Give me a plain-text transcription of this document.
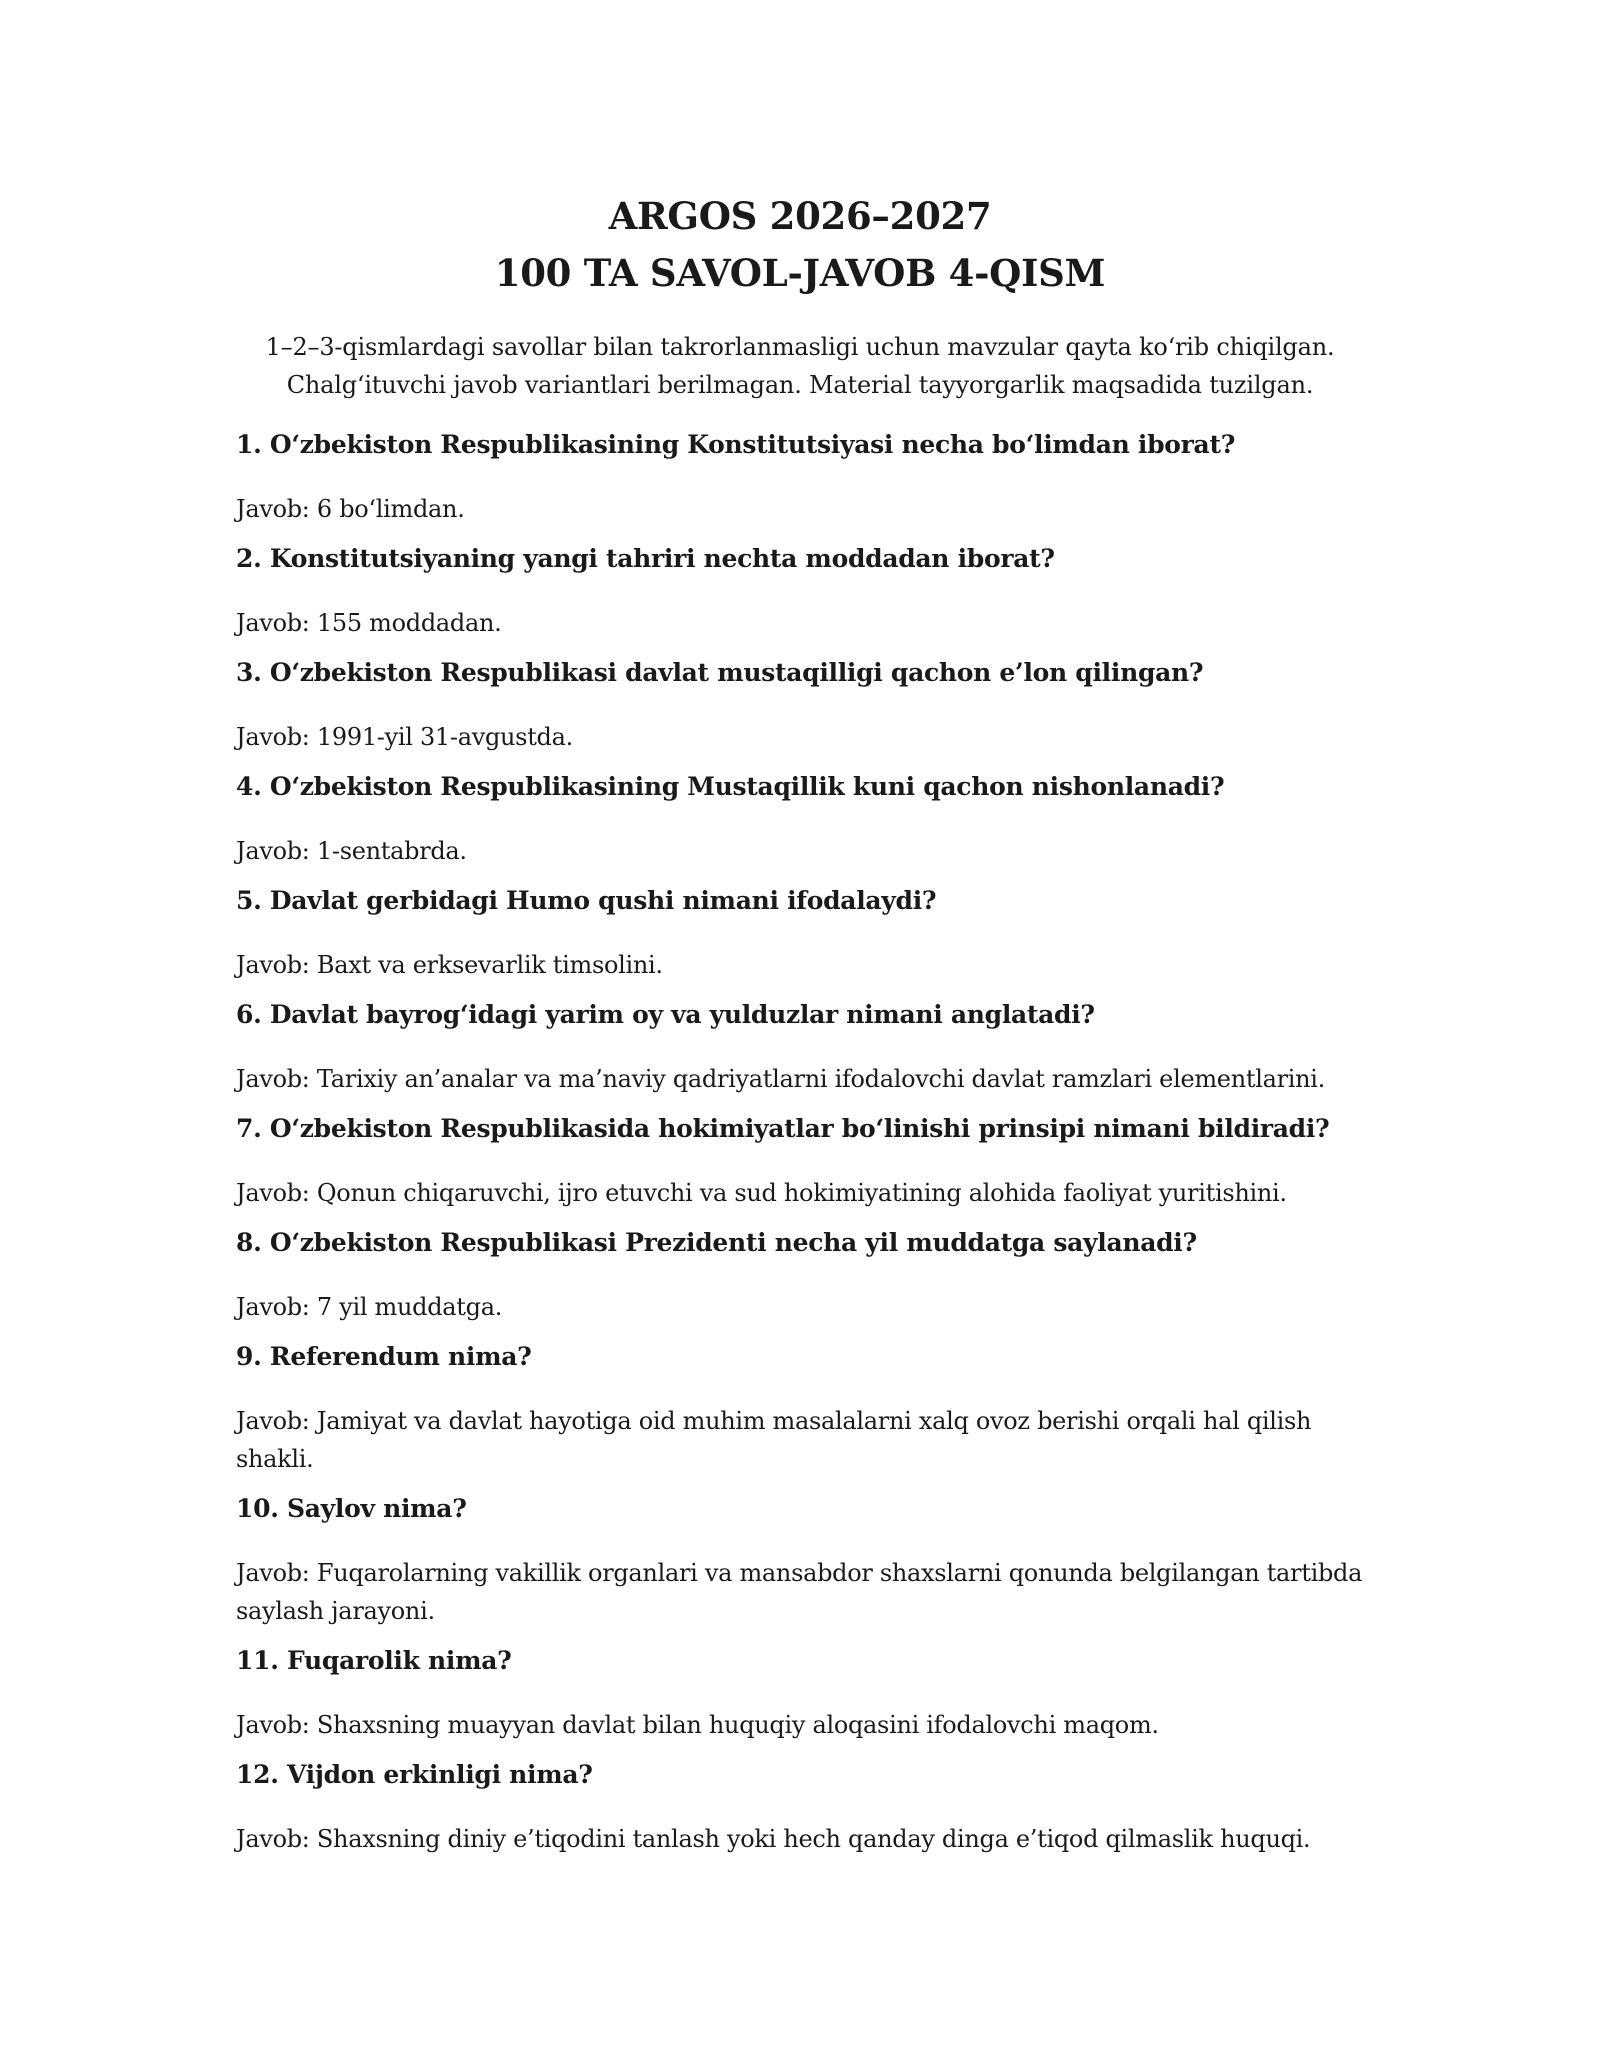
ARGOS 2026–2027
100 TA SAVOL-JAVOB 4-QISM
1–2–3-qismlardagi savollar bilan takrorlanmasligi uchun mavzular qayta koʻrib chiqilgan.
Chalgʻituvchi javob variantlari berilmagan. Material tayyorgarlik maqsadida tuzilgan.

1. Oʻzbekiston Respublikasining Konstitutsiyasi necha boʻlimdan iborat?

Javob: 6 boʻlimdan.

2. Konstitutsiyaning yangi tahriri nechta moddadan iborat?

Javob: 155 moddadan.

3. Oʻzbekiston Respublikasi davlat mustaqilligi qachon e’lon qilingan?

Javob: 1991-yil 31-avgustda.

4. Oʻzbekiston Respublikasining Mustaqillik kuni qachon nishonlanadi?

Javob: 1-sentabrda.

5. Davlat gerbidagi Humo qushi nimani ifodalaydi?

Javob: Baxt va erksevarlik timsolini.

6. Davlat bayrogʻidagi yarim oy va yulduzlar nimani anglatadi?

Javob: Tarixiy an’analar va ma’naviy qadriyatlarni ifodalovchi davlat ramzlari elementlarini.

7. Oʻzbekiston Respublikasida hokimiyatlar boʻlinishi prinsipi nimani bildiradi?

Javob: Qonun chiqaruvchi, ijro etuvchi va sud hokimiyatining alohida faoliyat yuritishini.

8. Oʻzbekiston Respublikasi Prezidenti necha yil muddatga saylanadi?

Javob: 7 yil muddatga.

9. Referendum nima?

Javob: Jamiyat va davlat hayotiga oid muhim masalalarni xalq ovoz berishi orqali hal qilish shakli.

10. Saylov nima?

Javob: Fuqarolarning vakillik organlari va mansabdor shaxslarni qonunda belgilangan tartibda saylash jarayoni.

11. Fuqarolik nima?

Javob: Shaxsning muayyan davlat bilan huquqiy aloqasini ifodalovchi maqom.

12. Vijdon erkinligi nima?

Javob: Shaxsning diniy e’tiqodini tanlash yoki hech qanday dinga e’tiqod qilmaslik huquqi.
